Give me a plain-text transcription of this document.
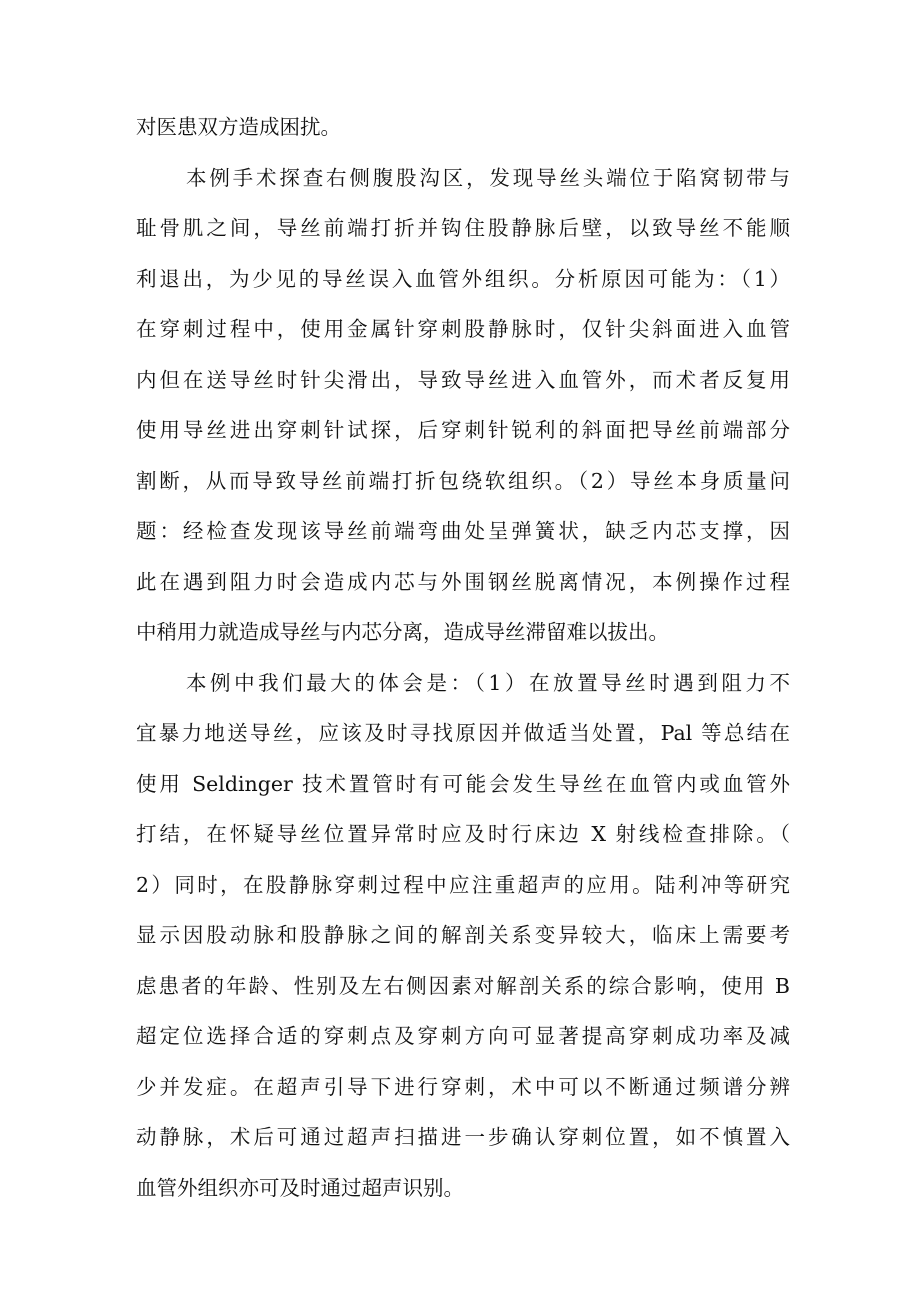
对医患双方造成困扰。
本例手术探查右侧腹股沟区，发现导丝头端位于陷窝韧带与
耻骨肌之间，导丝前端打折并钩住股静脉后壁，以致导丝不能顺
利退出，为少见的导丝误入血管外组织。分析原因可能为：（1）
在穿刺过程中，使用金属针穿刺股静脉时，仅针尖斜面进入血管
内但在送导丝时针尖滑出，导致导丝进入血管外，而术者反复用
使用导丝进出穿刺针试探，后穿刺针锐利的斜面把导丝前端部分
割断，从而导致导丝前端打折包绕软组织。（2）导丝本身质量问
题：经检查发现该导丝前端弯曲处呈弹簧状，缺乏内芯支撑，因
此在遇到阻力时会造成内芯与外围钢丝脱离情况，本例操作过程
中稍用力就造成导丝与内芯分离，造成导丝滞留难以拔出。
本例中我们最大的体会是：（1）在放置导丝时遇到阻力不
宜暴力地送导丝，应该及时寻找原因并做适当处置，Pal 等总结在
使用 Seldinger 技术置管时有可能会发生导丝在血管内或血管外
打结，在怀疑导丝位置异常时应及时行床边 X 射线检查排除。（
2）同时，在股静脉穿刺过程中应注重超声的应用。陆利冲等研究
显示因股动脉和股静脉之间的解剖关系变异较大，临床上需要考
虑患者的年龄、性别及左右侧因素对解剖关系的综合影响，使用 B
超定位选择合适的穿刺点及穿刺方向可显著提高穿刺成功率及减
少并发症。在超声引导下进行穿刺，术中可以不断通过频谱分辨
动静脉，术后可通过超声扫描进一步确认穿刺位置，如不慎置入
血管外组织亦可及时通过超声识别。
